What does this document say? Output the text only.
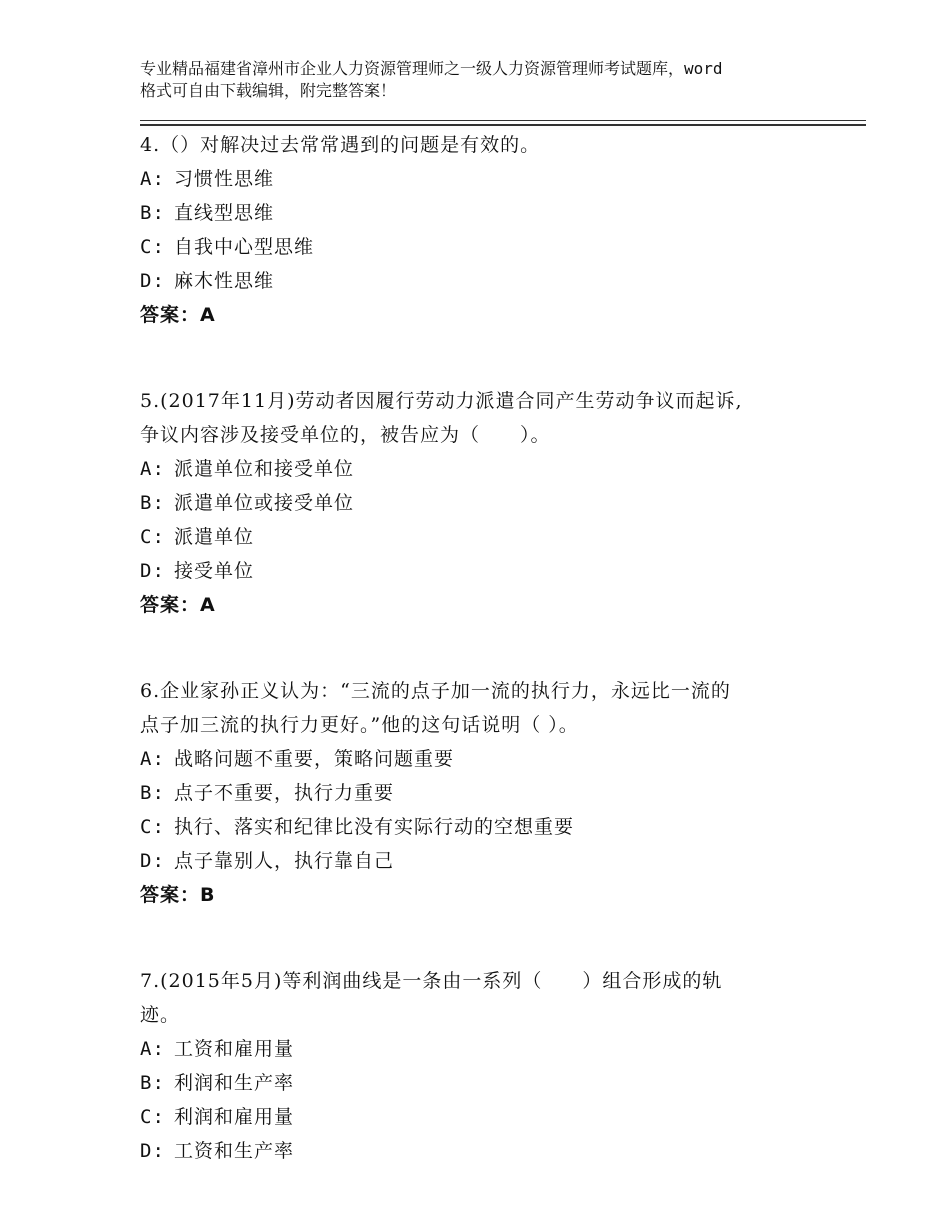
专业精品福建省漳州市企业人力资源管理师之一级人力资源管理师考试题库，word
格式可自由下载编辑，附完整答案！
4.（）对解决过去常常遇到的问题是有效的。
A: 习惯性思维
B: 直线型思维
C: 自我中心型思维
D: 麻木性思维
答案：A
5.(2017年11月)劳动者因履行劳动力派遣合同产生劳动争议而起诉,
争议内容涉及接受单位的，被告应为（　　）。
A: 派遣单位和接受单位
B: 派遣单位或接受单位
C: 派遣单位
D: 接受单位
答案：A
6.企业家孙正义认为：“三流的点子加一流的执行力，永远比一流的
点子加三流的执行力更好。”他的这句话说明（ ）。
A: 战略问题不重要，策略问题重要
B: 点子不重要，执行力重要
C: 执行、落实和纪律比没有实际行动的空想重要
D: 点子靠别人，执行靠自己
答案：B
7.(2015年5月)等利润曲线是一条由一系列（　　）组合形成的轨
迹。
A: 工资和雇用量
B: 利润和生产率
C: 利润和雇用量
D: 工资和生产率
